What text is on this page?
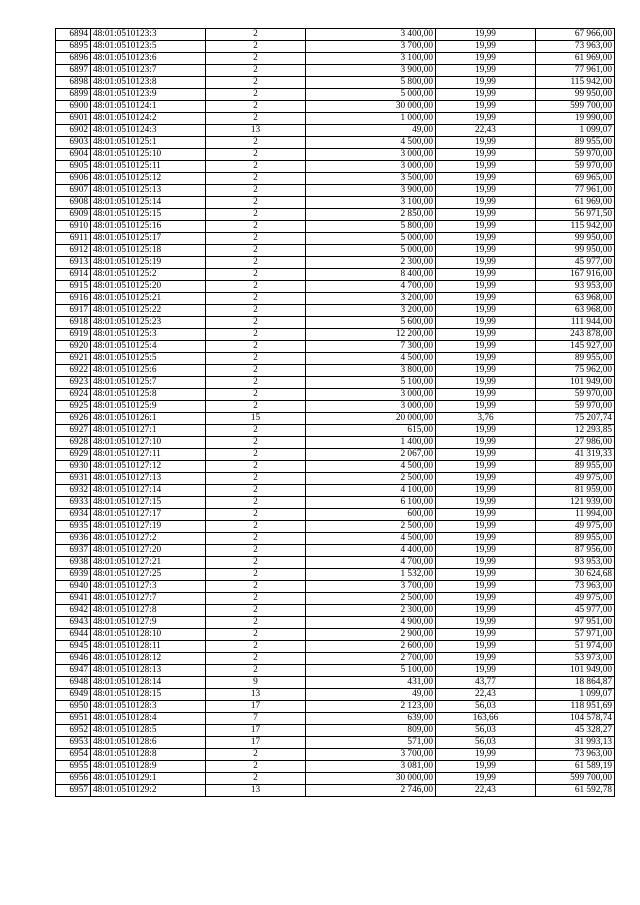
6894	48:01:0510123:3	2	3 400,00	19,99	67 966,00
6895	48:01:0510123:5	2	3 700,00	19,99	73 963,00
6896	48:01:0510123:6	2	3 100,00	19,99	61 969,00
6897	48:01:0510123:7	2	3 900,00	19,99	77 961,00
6898	48:01:0510123:8	2	5 800,00	19,99	115 942,00
6899	48:01:0510123:9	2	5 000,00	19,99	99 950,00
6900	48:01:0510124:1	2	30 000,00	19,99	599 700,00
6901	48:01:0510124:2	2	1 000,00	19,99	19 990,00
6902	48:01:0510124:3	13	49,00	22,43	1 099,07
6903	48:01:0510125:1	2	4 500,00	19,99	89 955,00
6904	48:01:0510125:10	2	3 000,00	19,99	59 970,00
6905	48:01:0510125:11	2	3 000,00	19,99	59 970,00
6906	48:01:0510125:12	2	3 500,00	19,99	69 965,00
6907	48:01:0510125:13	2	3 900,00	19,99	77 961,00
6908	48:01:0510125:14	2	3 100,00	19,99	61 969,00
6909	48:01:0510125:15	2	2 850,00	19,99	56 971,50
6910	48:01:0510125:16	2	5 800,00	19,99	115 942,00
6911	48:01:0510125:17	2	5 000,00	19,99	99 950,00
6912	48:01:0510125:18	2	5 000,00	19,99	99 950,00
6913	48:01:0510125:19	2	2 300,00	19,99	45 977,00
6914	48:01:0510125:2	2	8 400,00	19,99	167 916,00
6915	48:01:0510125:20	2	4 700,00	19,99	93 953,00
6916	48:01:0510125:21	2	3 200,00	19,99	63 968,00
6917	48:01:0510125:22	2	3 200,00	19,99	63 968,00
6918	48:01:0510125:23	2	5 600,00	19,99	111 944,00
6919	48:01:0510125:3	2	12 200,00	19,99	243 878,00
6920	48:01:0510125:4	2	7 300,00	19,99	145 927,00
6921	48:01:0510125:5	2	4 500,00	19,99	89 955,00
6922	48:01:0510125:6	2	3 800,00	19,99	75 962,00
6923	48:01:0510125:7	2	5 100,00	19,99	101 949,00
6924	48:01:0510125:8	2	3 000,00	19,99	59 970,00
6925	48:01:0510125:9	2	3 000,00	19,99	59 970,00
6926	48:01:0510126:1	15	20 000,00	3,76	75 207,74
6927	48:01:0510127:1	2	615,00	19,99	12 293,85
6928	48:01:0510127:10	2	1 400,00	19,99	27 986,00
6929	48:01:0510127:11	2	2 067,00	19,99	41 319,33
6930	48:01:0510127:12	2	4 500,00	19,99	89 955,00
6931	48:01:0510127:13	2	2 500,00	19,99	49 975,00
6932	48:01:0510127:14	2	4 100,00	19,99	81 959,00
6933	48:01:0510127:15	2	6 100,00	19,99	121 939,00
6934	48:01:0510127:17	2	600,00	19,99	11 994,00
6935	48:01:0510127:19	2	2 500,00	19,99	49 975,00
6936	48:01:0510127:2	2	4 500,00	19,99	89 955,00
6937	48:01:0510127:20	2	4 400,00	19,99	87 956,00
6938	48:01:0510127:21	2	4 700,00	19,99	93 953,00
6939	48:01:0510127:25	2	1 532,00	19,99	30 624,68
6940	48:01:0510127:3	2	3 700,00	19,99	73 963,00
6941	48:01:0510127:7	2	2 500,00	19,99	49 975,00
6942	48:01:0510127:8	2	2 300,00	19,99	45 977,00
6943	48:01:0510127:9	2	4 900,00	19,99	97 951,00
6944	48:01:0510128:10	2	2 900,00	19,99	57 971,00
6945	48:01:0510128:11	2	2 600,00	19,99	51 974,00
6946	48:01:0510128:12	2	2 700,00	19,99	53 973,00
6947	48:01:0510128:13	2	5 100,00	19,99	101 949,00
6948	48:01:0510128:14	9	431,00	43,77	18 864,87
6949	48:01:0510128:15	13	49,00	22,43	1 099,07
6950	48:01:0510128:3	17	2 123,00	56,03	118 951,69
6951	48:01:0510128:4	7	639,00	163,66	104 578,74
6952	48:01:0510128:5	17	809,00	56,03	45 328,27
6953	48:01:0510128:6	17	571,00	56,03	31 993,13
6954	48:01:0510128:8	2	3 700,00	19,99	73 963,00
6955	48:01:0510128:9	2	3 081,00	19,99	61 589,19
6956	48:01:0510129:1	2	30 000,00	19,99	599 700,00
6957	48:01:0510129:2	13	2 746,00	22,43	61 592,78
